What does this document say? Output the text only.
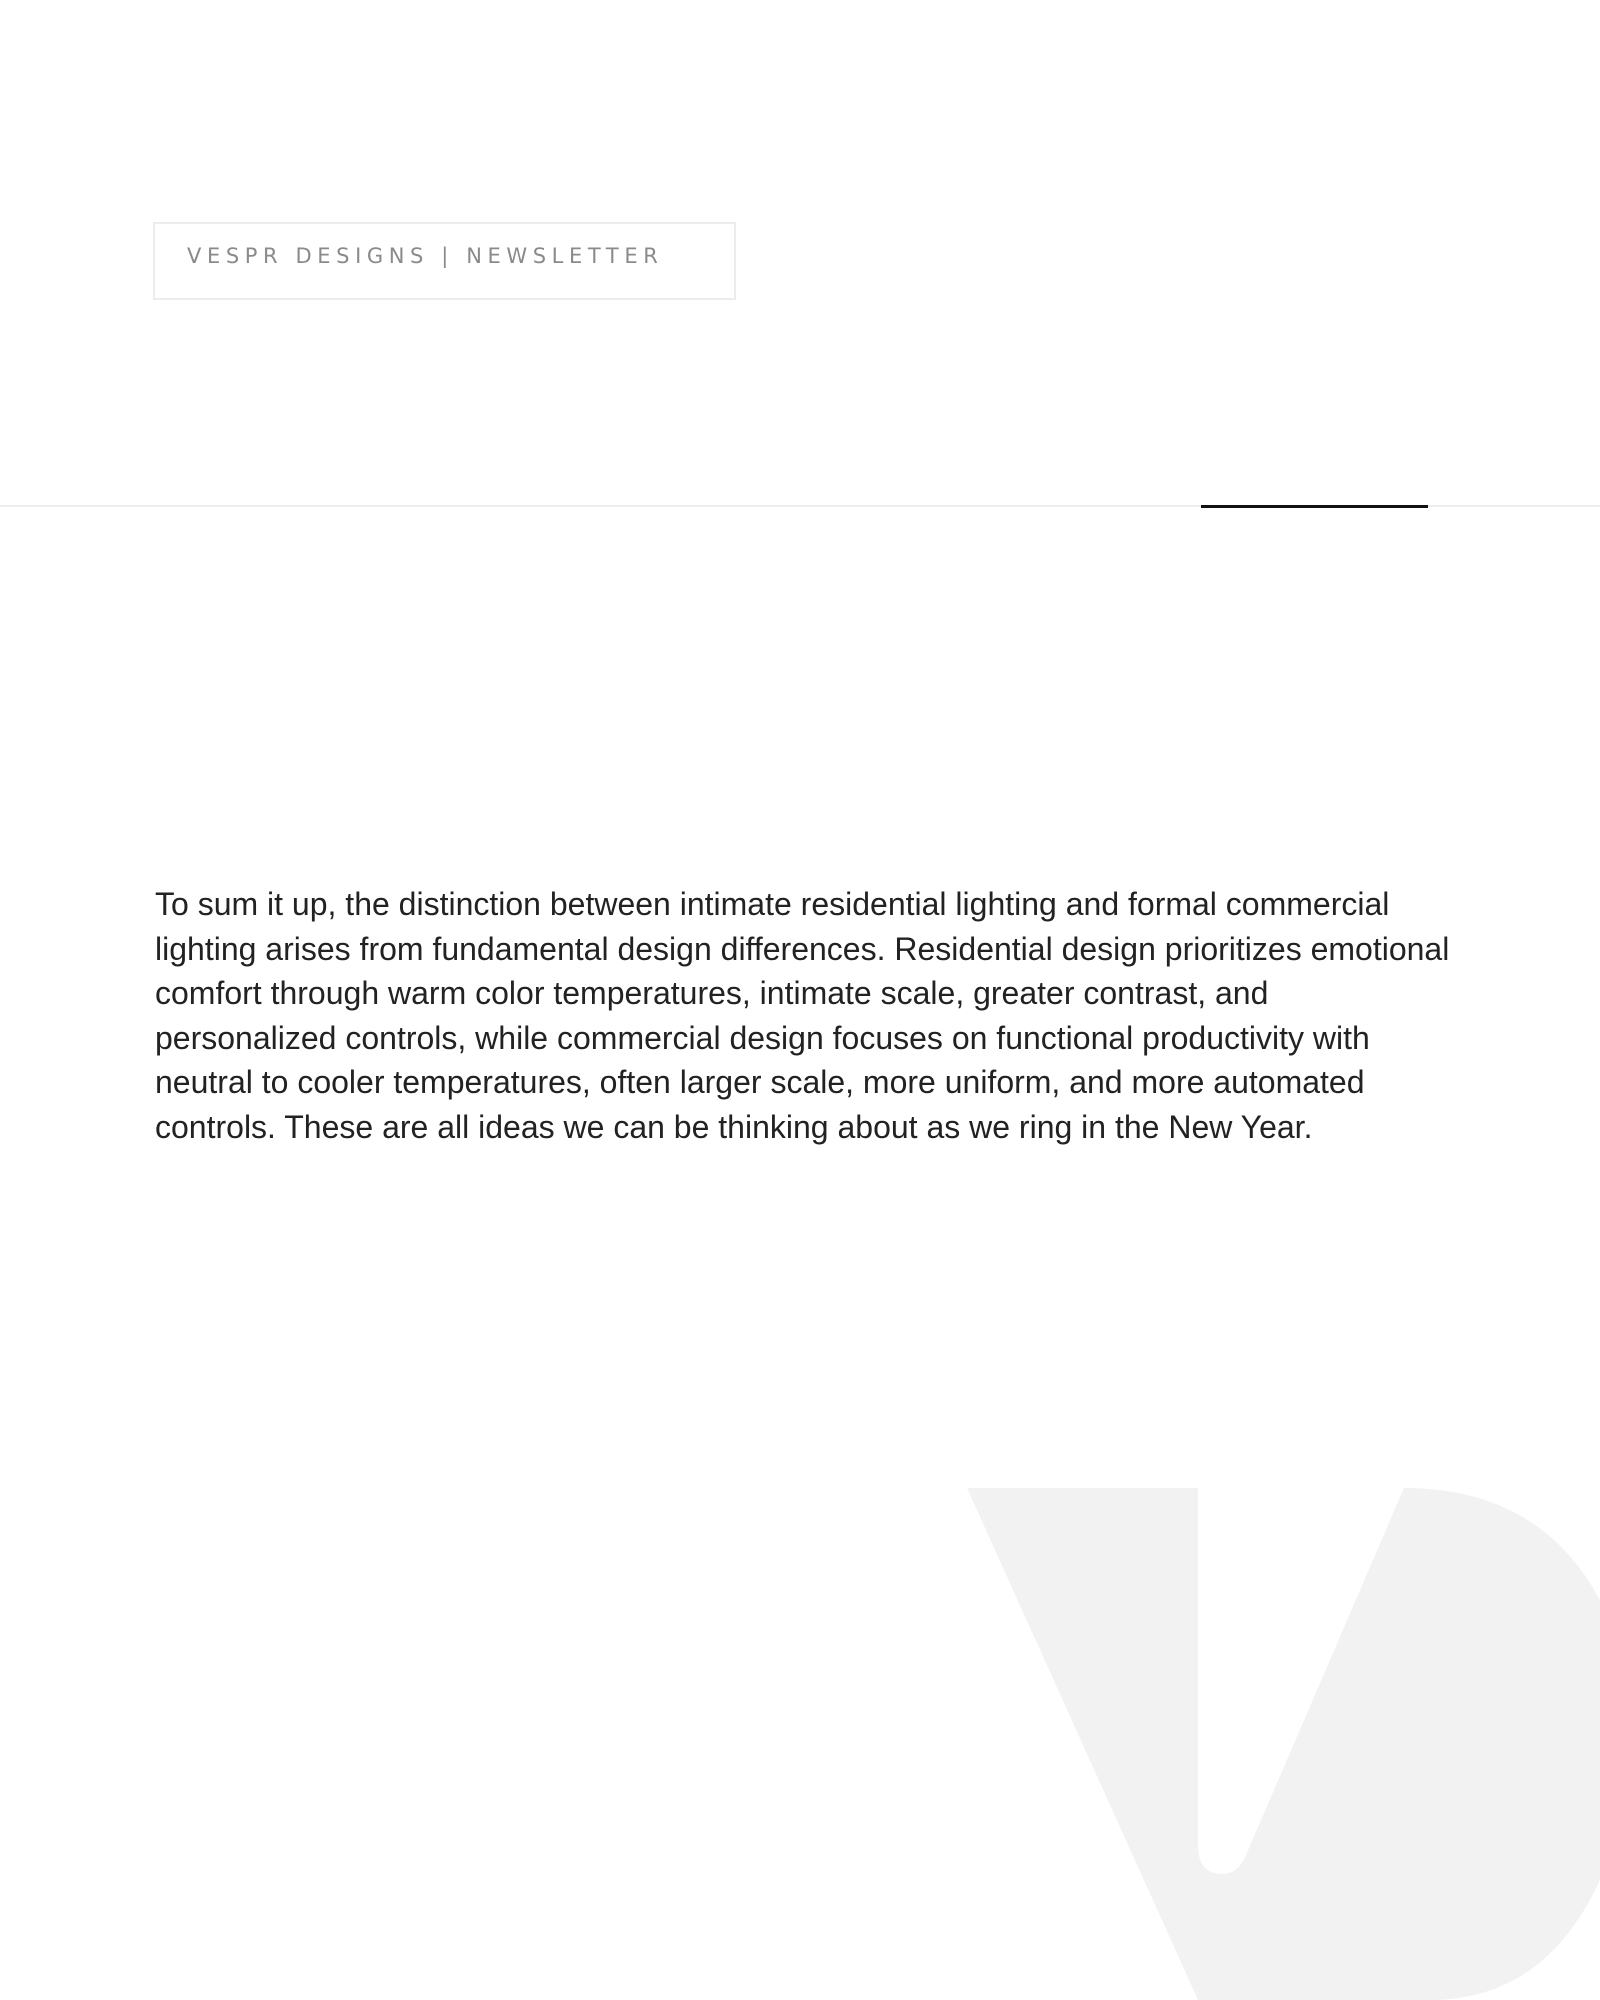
VESPR DESIGNS | NEWSLETTER

To sum it up, the distinction between intimate residential lighting and formal commercial lighting arises from fundamental design differences. Residential design prioritizes emotional comfort through warm color temperatures, intimate scale, greater contrast, and personalized controls, while commercial design focuses on functional productivity with neutral to cooler temperatures, often larger scale, more uniform, and more automated controls. These are all ideas we can be thinking about as we ring in the New Year.
